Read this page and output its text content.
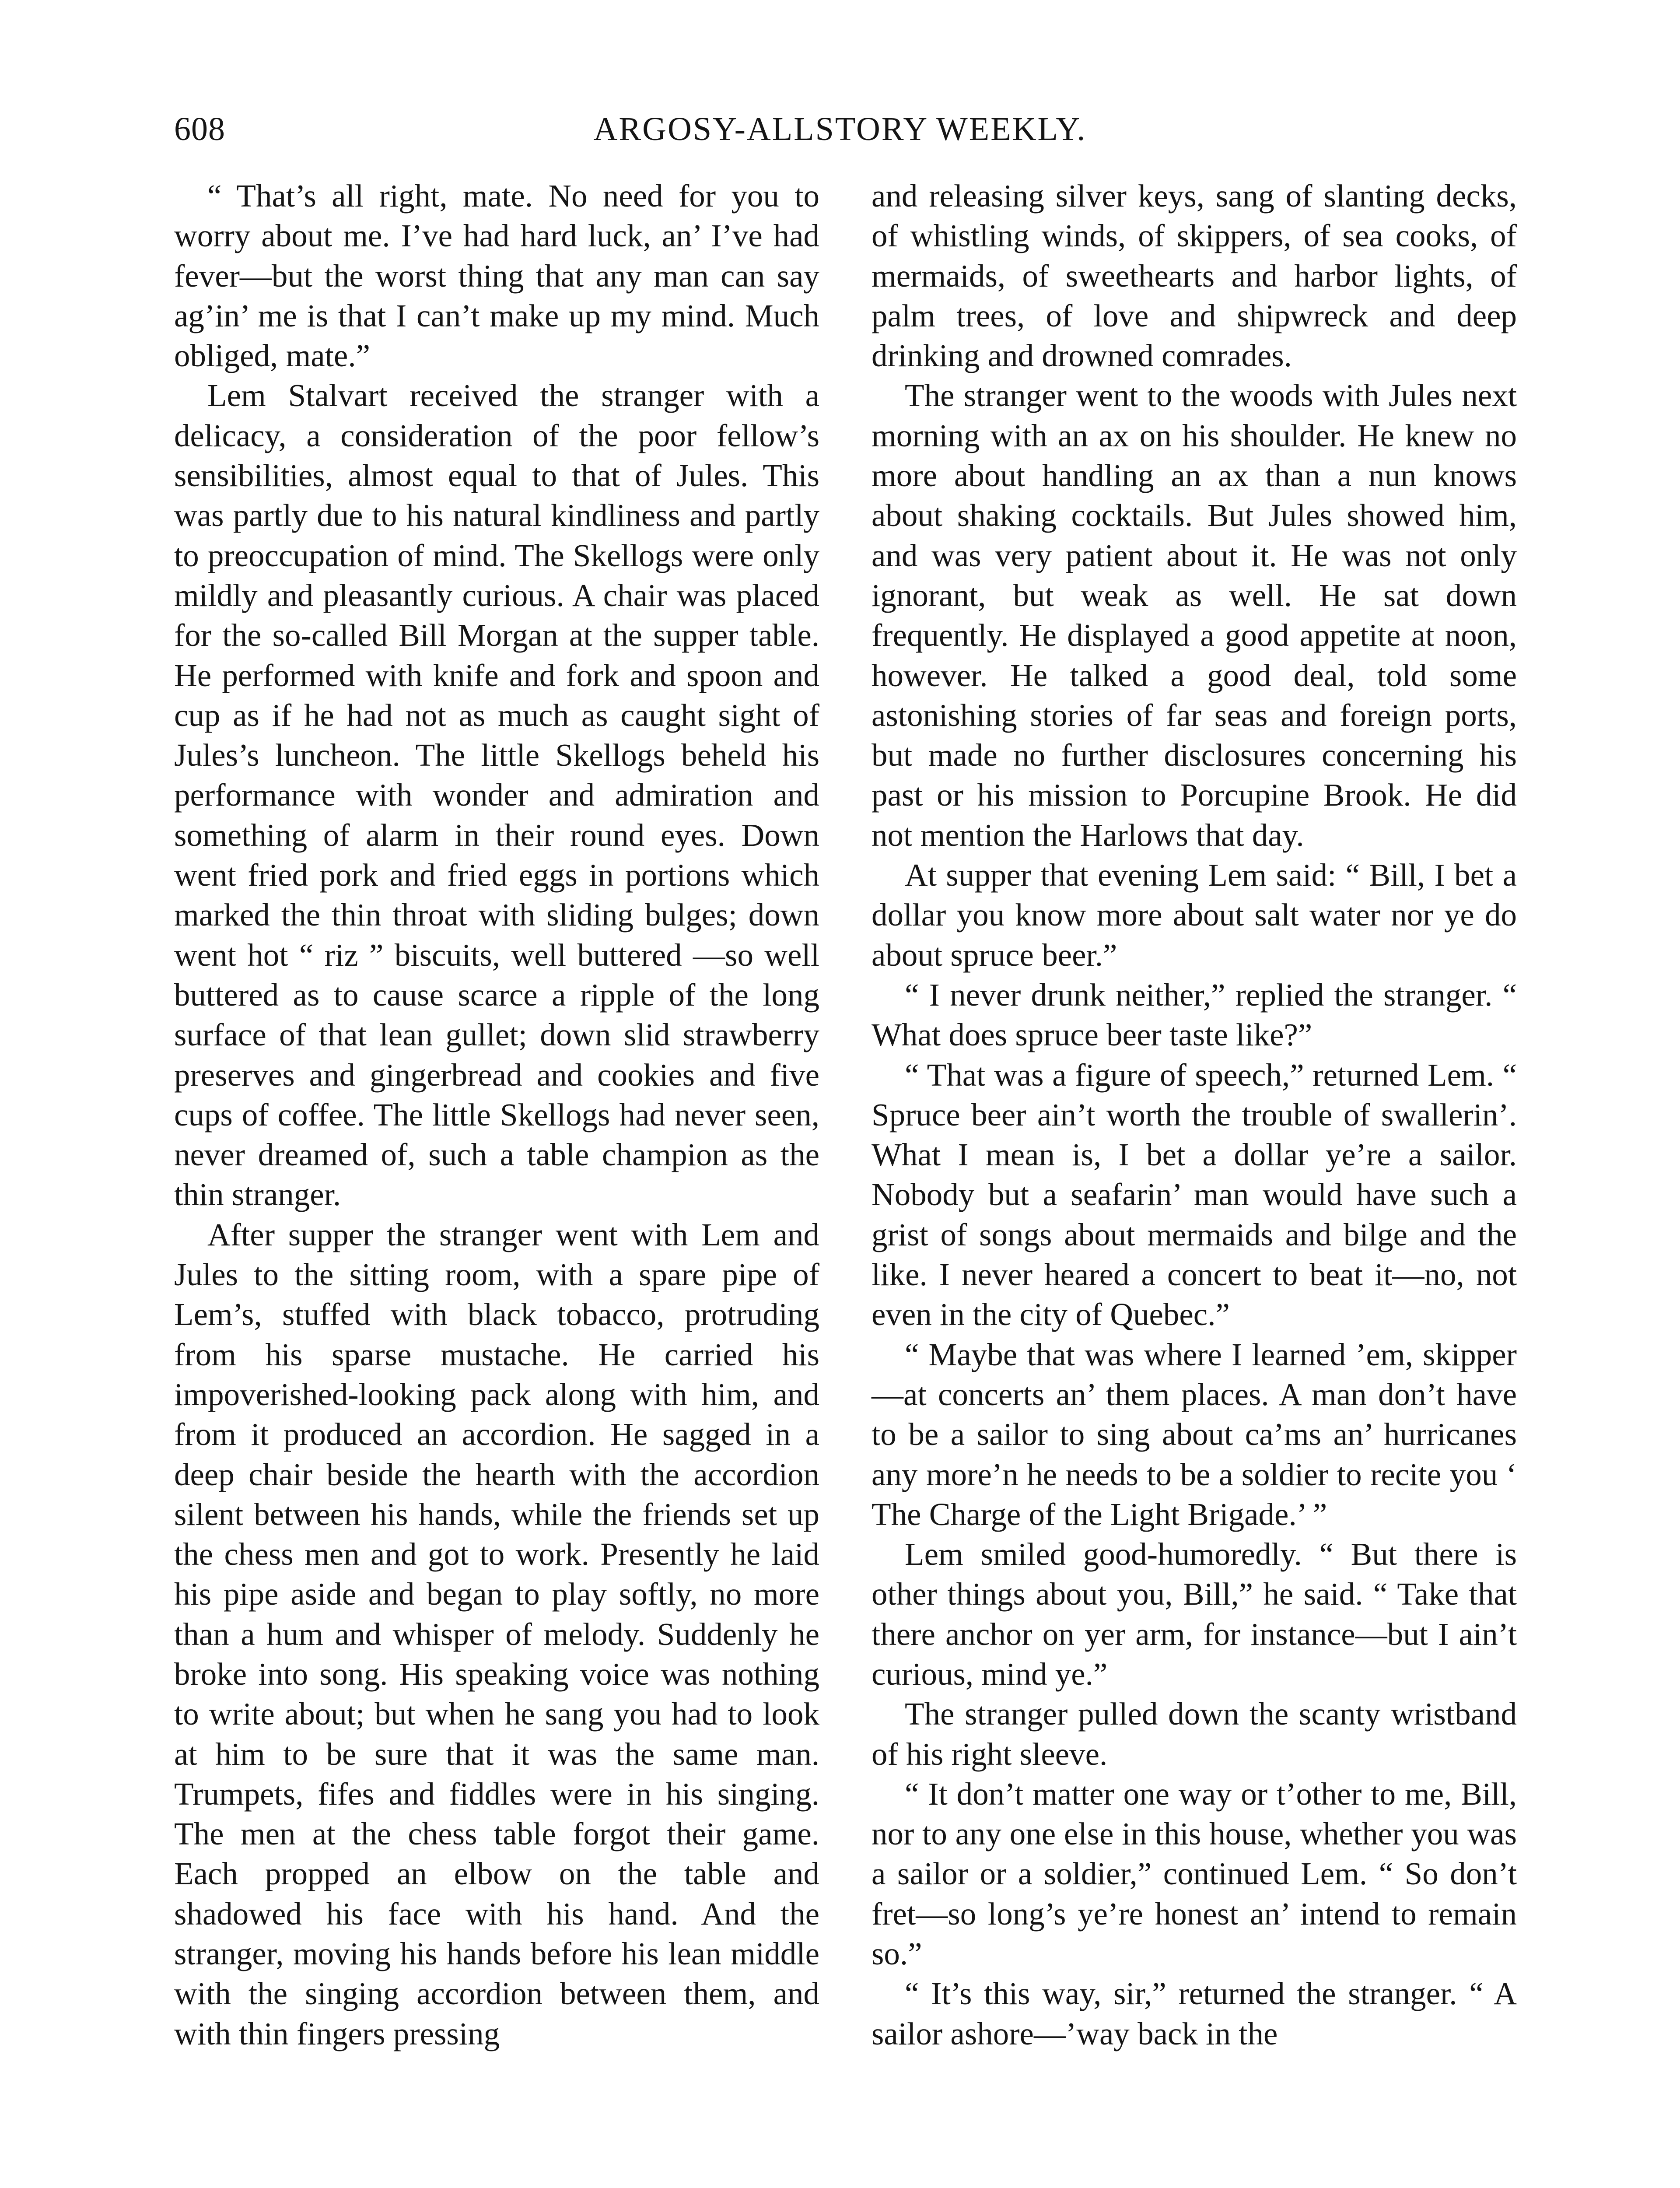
608	ARGOSY-ALLSTORY WEEKLY.

“ That’s all right, mate. No need for you to worry about me. I’ve had hard luck, an’ I’ve had fever—but the worst thing that any man can say ag’in’ me is that I can’t make up my mind. Much obliged, mate.”

Lem Stalvart received the stranger with a delicacy, a consideration of the poor fellow’s sensibilities, almost equal to that of Jules. This was partly due to his natural kindliness and partly to preoccupation of mind. The Skellogs were only mildly and pleasantly curious. A chair was placed for the so-called Bill Morgan at the supper table. He performed with knife and fork and spoon and cup as if he had not as much as caught sight of Jules’s luncheon. The little Skellogs beheld his performance with wonder and admiration and something of alarm in their round eyes. Down went fried pork and fried eggs in portions which marked the thin throat with sliding bulges; down went hot “ riz ” biscuits, well buttered —so well buttered as to cause scarce a ripple of the long surface of that lean gullet; down slid strawberry preserves and gingerbread and cookies and five cups of coffee. The little Skellogs had never seen, never dreamed of, such a table champion as the thin stranger.

After supper the stranger went with Lem and Jules to the sitting room, with a spare pipe of Lem’s, stuffed with black tobacco, protruding from his sparse mustache. He carried his impoverished-looking pack along with him, and from it produced an accordion. He sagged in a deep chair beside the hearth with the accordion silent between his hands, while the friends set up the chess men and got to work. Presently he laid his pipe aside and began to play softly, no more than a hum and whisper of melody. Suddenly he broke into song. His speaking voice was nothing to write about; but when he sang you had to look at him to be sure that it was the same man. Trumpets, fifes and fiddles were in his singing. The men at the chess table forgot their game. Each propped an elbow on the table and shadowed his face with his hand. And the stranger, moving his hands before his lean middle with the singing accordion between them, and with thin fingers pressing

and releasing silver keys, sang of slanting decks, of whistling winds, of skippers, of sea cooks, of mermaids, of sweethearts and harbor lights, of palm trees, of love and shipwreck and deep drinking and drowned comrades.

The stranger went to the woods with Jules next morning with an ax on his shoulder. He knew no more about handling an ax than a nun knows about shaking cocktails. But Jules showed him, and was very patient about it. He was not only ignorant, but weak as well. He sat down frequently. He displayed a good appetite at noon, however. He talked a good deal, told some astonishing stories of far seas and foreign ports, but made no further disclosures concerning his past or his mission to Porcupine Brook. He did not mention the Harlows that day.

At supper that evening Lem said: “ Bill, I bet a dollar you know more about salt water nor ye do about spruce beer.”

“ I never drunk neither,” replied the stranger. “ What does spruce beer taste like?”

“ That was a figure of speech,” returned Lem. “ Spruce beer ain’t worth the trouble of swallerin’. What I mean is, I bet a dollar ye’re a sailor. Nobody but a seafarin’ man would have such a grist of songs about mermaids and bilge and the like. I never heared a concert to beat it—no, not even in the city of Quebec.”

“ Maybe that was where I learned ’em, skipper—at concerts an’ them places. A man don’t have to be a sailor to sing about ca’ms an’ hurricanes any more’n he needs to be a soldier to recite you ‘ The Charge of the Light Brigade.’ ”

Lem smiled good-humoredly. “ But there is other things about you, Bill,” he said. “ Take that there anchor on yer arm, for instance—but I ain’t curious, mind ye.”

The stranger pulled down the scanty wristband of his right sleeve.

“ It don’t matter one way or t’other to me, Bill, nor to any one else in this house, whether you was a sailor or a soldier,” continued Lem. “ So don’t fret—so long’s ye’re honest an’ intend to remain so.”

“ It’s this way, sir,” returned the stranger. “ A sailor ashore—’way back in the
